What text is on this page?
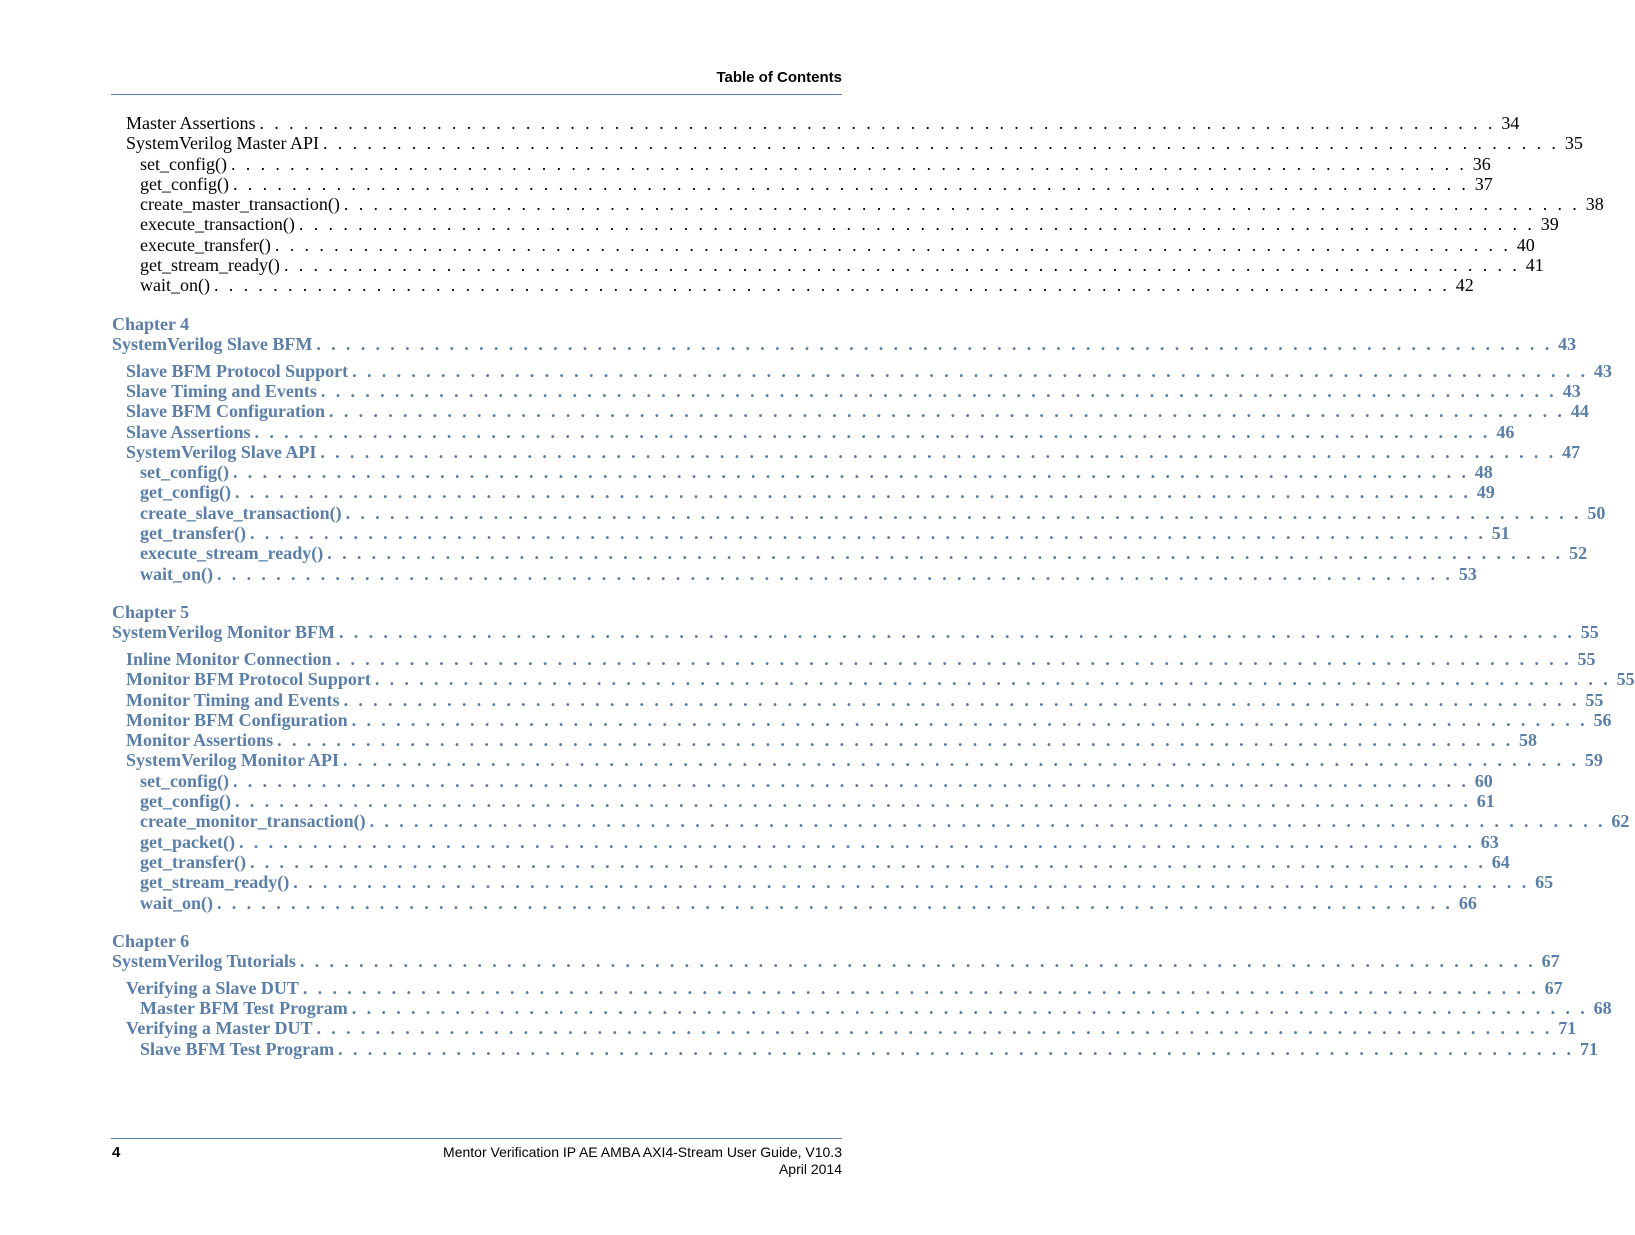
Table of Contents
Master Assertions . . . . . . . . . . . . . . . . . . . . . . . . . . . . . . . . . . . . . . . . . . . . . . . . . . . . . . . . . . . . . . . . . . . . . . . . . . . . . . . . . . . . 34
SystemVerilog Master API . . . . . . . . . . . . . . . . . . . . . . . . . . . . . . . . . . . . . . . . . . . . . . . . . . . . . . . . . . . . . . . . . . . . . . . . . . . . . . . . . . . . 35
set_config() . . . . . . . . . . . . . . . . . . . . . . . . . . . . . . . . . . . . . . . . . . . . . . . . . . . . . . . . . . . . . . . . . . . . . . . . . . . . . . . . . . . . 36
get_config() . . . . . . . . . . . . . . . . . . . . . . . . . . . . . . . . . . . . . . . . . . . . . . . . . . . . . . . . . . . . . . . . . . . . . . . . . . . . . . . . . . . . 37
create_master_transaction() . . . . . . . . . . . . . . . . . . . . . . . . . . . . . . . . . . . . . . . . . . . . . . . . . . . . . . . . . . . . . . . . . . . . . . . . . . . . . . . . . . . . 38
execute_transaction() . . . . . . . . . . . . . . . . . . . . . . . . . . . . . . . . . . . . . . . . . . . . . . . . . . . . . . . . . . . . . . . . . . . . . . . . . . . . . . . . . . . . 39
execute_transfer() . . . . . . . . . . . . . . . . . . . . . . . . . . . . . . . . . . . . . . . . . . . . . . . . . . . . . . . . . . . . . . . . . . . . . . . . . . . . . . . . . . . . 40
get_stream_ready() . . . . . . . . . . . . . . . . . . . . . . . . . . . . . . . . . . . . . . . . . . . . . . . . . . . . . . . . . . . . . . . . . . . . . . . . . . . . . . . . . . . . 41
wait_on() . . . . . . . . . . . . . . . . . . . . . . . . . . . . . . . . . . . . . . . . . . . . . . . . . . . . . . . . . . . . . . . . . . . . . . . . . . . . . . . . . . . . 42
Chapter 4
SystemVerilog Slave BFM . . . . . . . . . . . . . . . . . . . . . . . . . . . . . . . . . . . . . . . . . . . . . . . . . . . . . . . . . . . . . . . . . . . . . . . . . . . . . . . . . . . . 43
Slave BFM Protocol Support . . . . . . . . . . . . . . . . . . . . . . . . . . . . . . . . . . . . . . . . . . . . . . . . . . . . . . . . . . . . . . . . . . . . . . . . . . . . . . . . . . . . 43
Slave Timing and Events . . . . . . . . . . . . . . . . . . . . . . . . . . . . . . . . . . . . . . . . . . . . . . . . . . . . . . . . . . . . . . . . . . . . . . . . . . . . . . . . . . . . 43
Slave BFM Configuration . . . . . . . . . . . . . . . . . . . . . . . . . . . . . . . . . . . . . . . . . . . . . . . . . . . . . . . . . . . . . . . . . . . . . . . . . . . . . . . . . . . . 44
Slave Assertions . . . . . . . . . . . . . . . . . . . . . . . . . . . . . . . . . . . . . . . . . . . . . . . . . . . . . . . . . . . . . . . . . . . . . . . . . . . . . . . . . . . . 46
SystemVerilog Slave API . . . . . . . . . . . . . . . . . . . . . . . . . . . . . . . . . . . . . . . . . . . . . . . . . . . . . . . . . . . . . . . . . . . . . . . . . . . . . . . . . . . . 47
set_config() . . . . . . . . . . . . . . . . . . . . . . . . . . . . . . . . . . . . . . . . . . . . . . . . . . . . . . . . . . . . . . . . . . . . . . . . . . . . . . . . . . . . 48
get_config() . . . . . . . . . . . . . . . . . . . . . . . . . . . . . . . . . . . . . . . . . . . . . . . . . . . . . . . . . . . . . . . . . . . . . . . . . . . . . . . . . . . . 49
create_slave_transaction() . . . . . . . . . . . . . . . . . . . . . . . . . . . . . . . . . . . . . . . . . . . . . . . . . . . . . . . . . . . . . . . . . . . . . . . . . . . . . . . . . . . . 50
get_transfer() . . . . . . . . . . . . . . . . . . . . . . . . . . . . . . . . . . . . . . . . . . . . . . . . . . . . . . . . . . . . . . . . . . . . . . . . . . . . . . . . . . . . 51
execute_stream_ready() . . . . . . . . . . . . . . . . . . . . . . . . . . . . . . . . . . . . . . . . . . . . . . . . . . . . . . . . . . . . . . . . . . . . . . . . . . . . . . . . . . . . 52
wait_on() . . . . . . . . . . . . . . . . . . . . . . . . . . . . . . . . . . . . . . . . . . . . . . . . . . . . . . . . . . . . . . . . . . . . . . . . . . . . . . . . . . . . 53
Chapter 5
SystemVerilog Monitor BFM . . . . . . . . . . . . . . . . . . . . . . . . . . . . . . . . . . . . . . . . . . . . . . . . . . . . . . . . . . . . . . . . . . . . . . . . . . . . . . . . . . . . 55
Inline Monitor Connection . . . . . . . . . . . . . . . . . . . . . . . . . . . . . . . . . . . . . . . . . . . . . . . . . . . . . . . . . . . . . . . . . . . . . . . . . . . . . . . . . . . . 55
Monitor BFM Protocol Support . . . . . . . . . . . . . . . . . . . . . . . . . . . . . . . . . . . . . . . . . . . . . . . . . . . . . . . . . . . . . . . . . . . . . . . . . . . . . . . . . . . . 55
Monitor Timing and Events . . . . . . . . . . . . . . . . . . . . . . . . . . . . . . . . . . . . . . . . . . . . . . . . . . . . . . . . . . . . . . . . . . . . . . . . . . . . . . . . . . . . 55
Monitor BFM Configuration . . . . . . . . . . . . . . . . . . . . . . . . . . . . . . . . . . . . . . . . . . . . . . . . . . . . . . . . . . . . . . . . . . . . . . . . . . . . . . . . . . . . 56
Monitor Assertions . . . . . . . . . . . . . . . . . . . . . . . . . . . . . . . . . . . . . . . . . . . . . . . . . . . . . . . . . . . . . . . . . . . . . . . . . . . . . . . . . . . . 58
SystemVerilog Monitor API . . . . . . . . . . . . . . . . . . . . . . . . . . . . . . . . . . . . . . . . . . . . . . . . . . . . . . . . . . . . . . . . . . . . . . . . . . . . . . . . . . . . 59
set_config() . . . . . . . . . . . . . . . . . . . . . . . . . . . . . . . . . . . . . . . . . . . . . . . . . . . . . . . . . . . . . . . . . . . . . . . . . . . . . . . . . . . . 60
get_config() . . . . . . . . . . . . . . . . . . . . . . . . . . . . . . . . . . . . . . . . . . . . . . . . . . . . . . . . . . . . . . . . . . . . . . . . . . . . . . . . . . . . 61
create_monitor_transaction() . . . . . . . . . . . . . . . . . . . . . . . . . . . . . . . . . . . . . . . . . . . . . . . . . . . . . . . . . . . . . . . . . . . . . . . . . . . . . . . . . . . . 62
get_packet() . . . . . . . . . . . . . . . . . . . . . . . . . . . . . . . . . . . . . . . . . . . . . . . . . . . . . . . . . . . . . . . . . . . . . . . . . . . . . . . . . . . . 63
get_transfer() . . . . . . . . . . . . . . . . . . . . . . . . . . . . . . . . . . . . . . . . . . . . . . . . . . . . . . . . . . . . . . . . . . . . . . . . . . . . . . . . . . . . 64
get_stream_ready() . . . . . . . . . . . . . . . . . . . . . . . . . . . . . . . . . . . . . . . . . . . . . . . . . . . . . . . . . . . . . . . . . . . . . . . . . . . . . . . . . . . . 65
wait_on() . . . . . . . . . . . . . . . . . . . . . . . . . . . . . . . . . . . . . . . . . . . . . . . . . . . . . . . . . . . . . . . . . . . . . . . . . . . . . . . . . . . . 66
Chapter 6
SystemVerilog Tutorials . . . . . . . . . . . . . . . . . . . . . . . . . . . . . . . . . . . . . . . . . . . . . . . . . . . . . . . . . . . . . . . . . . . . . . . . . . . . . . . . . . . . 67
Verifying a Slave DUT . . . . . . . . . . . . . . . . . . . . . . . . . . . . . . . . . . . . . . . . . . . . . . . . . . . . . . . . . . . . . . . . . . . . . . . . . . . . . . . . . . . . 67
Master BFM Test Program . . . . . . . . . . . . . . . . . . . . . . . . . . . . . . . . . . . . . . . . . . . . . . . . . . . . . . . . . . . . . . . . . . . . . . . . . . . . . . . . . . . . 68
Verifying a Master DUT . . . . . . . . . . . . . . . . . . . . . . . . . . . . . . . . . . . . . . . . . . . . . . . . . . . . . . . . . . . . . . . . . . . . . . . . . . . . . . . . . . . . 71
Slave BFM Test Program . . . . . . . . . . . . . . . . . . . . . . . . . . . . . . . . . . . . . . . . . . . . . . . . . . . . . . . . . . . . . . . . . . . . . . . . . . . . . . . . . . . . 71
4	Mentor Verification IP AE AMBA AXI4-Stream User Guide, V10.3
April 2014
